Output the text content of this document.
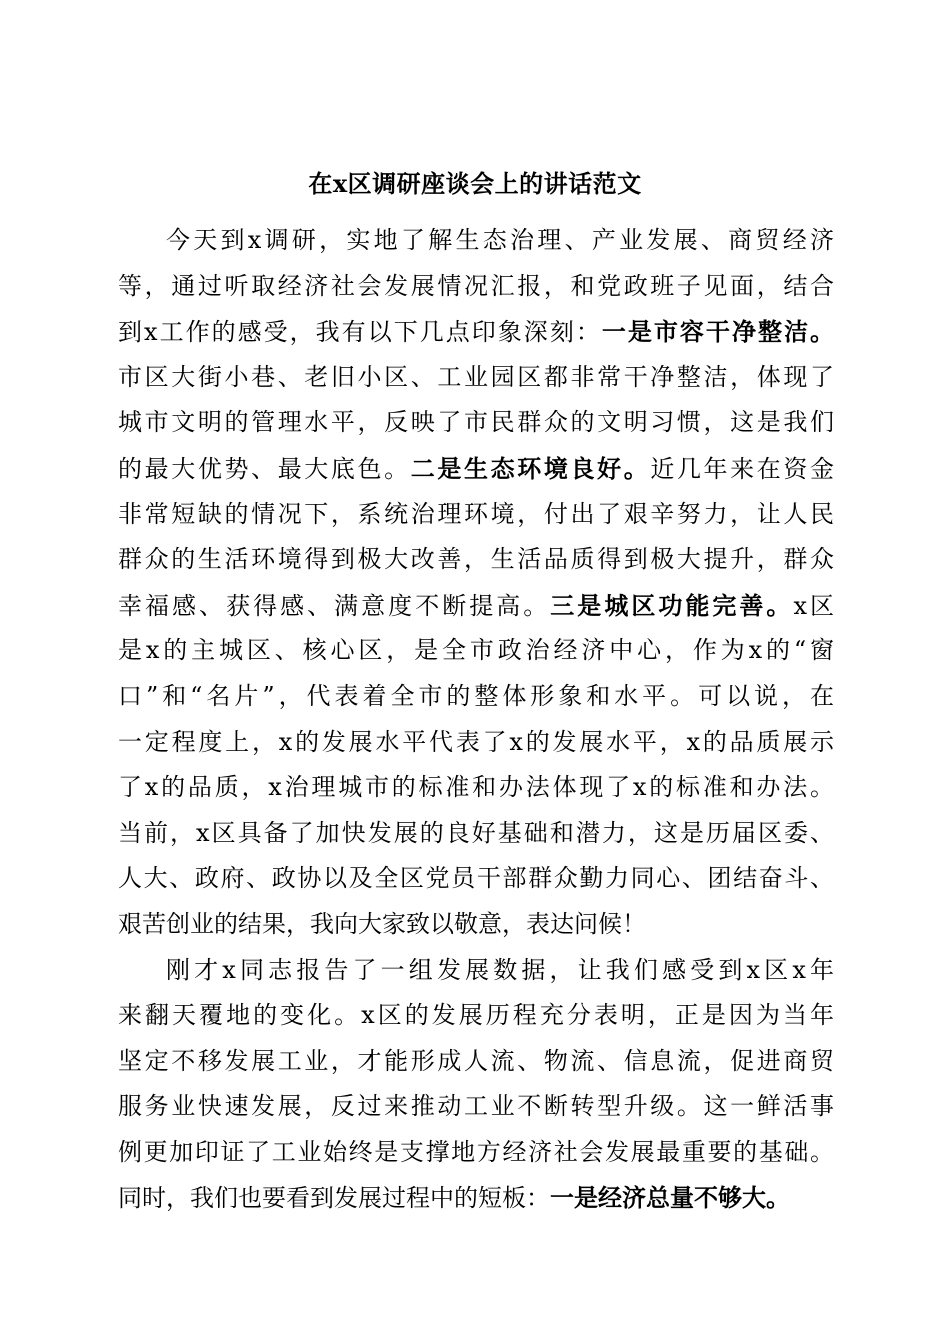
在x区调研座谈会上的讲话范文
今天到x调研，实地了解生态治理、产业发展、商贸经济
等，通过听取经济社会发展情况汇报，和党政班子见面，结合
到x工作的感受，我有以下几点印象深刻：一是市容干净整洁。
市区大街小巷、老旧小区、工业园区都非常干净整洁，体现了
城市文明的管理水平，反映了市民群众的文明习惯，这是我们
的最大优势、最大底色。二是生态环境良好。近几年来在资金
非常短缺的情况下，系统治理环境，付出了艰辛努力，让人民
群众的生活环境得到极大改善，生活品质得到极大提升，群众
幸福感、获得感、满意度不断提高。三是城区功能完善。x区
是x的主城区、核心区，是全市政治经济中心，作为x的“窗
口”和“名片”，代表着全市的整体形象和水平。可以说，在
一定程度上，x的发展水平代表了x的发展水平，x的品质展示
了x的品质，x治理城市的标准和办法体现了x的标准和办法。
当前，x区具备了加快发展的良好基础和潜力，这是历届区委、
人大、政府、政协以及全区党员干部群众勤力同心、团结奋斗、
艰苦创业的结果，我向大家致以敬意，表达问候！
刚才x同志报告了一组发展数据，让我们感受到x区x年
来翻天覆地的变化。x区的发展历程充分表明，正是因为当年
坚定不移发展工业，才能形成人流、物流、信息流，促进商贸
服务业快速发展，反过来推动工业不断转型升级。这一鲜活事
例更加印证了工业始终是支撑地方经济社会发展最重要的基础。
同时，我们也要看到发展过程中的短板：一是经济总量不够大。
